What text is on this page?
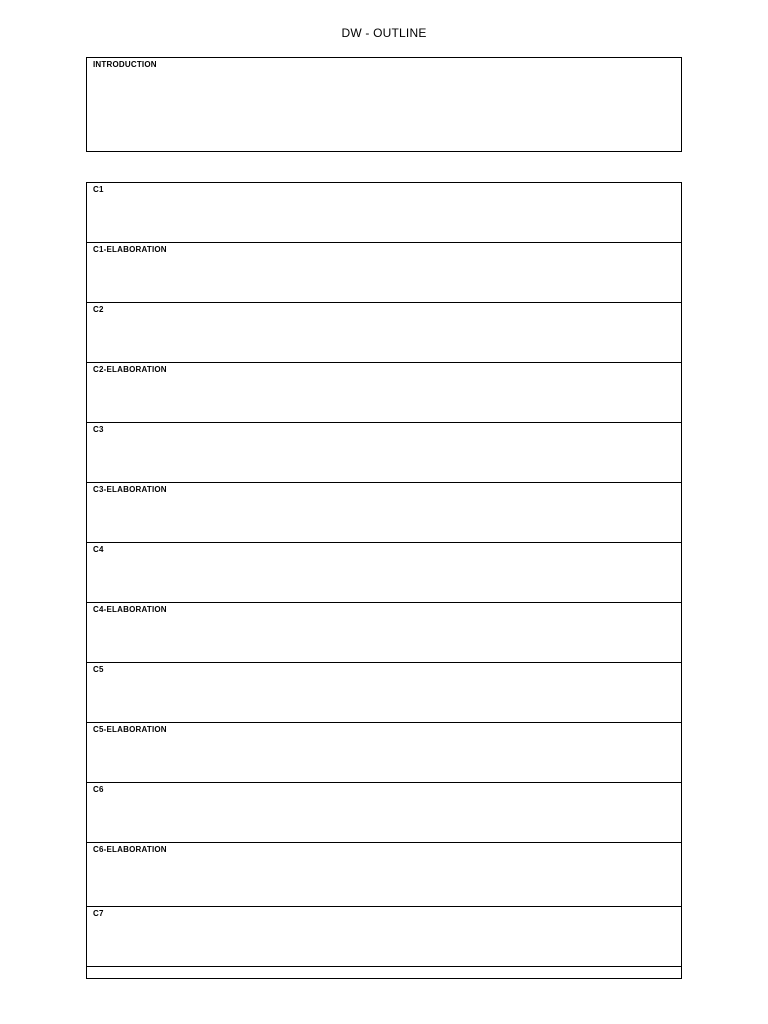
DW - OUTLINE
INTRODUCTION
C1
C1-ELABORATION
C2
C2-ELABORATION
C3
C3-ELABORATION
C4
C4-ELABORATION
C5
C5-ELABORATION
C6
C6-ELABORATION
C7
